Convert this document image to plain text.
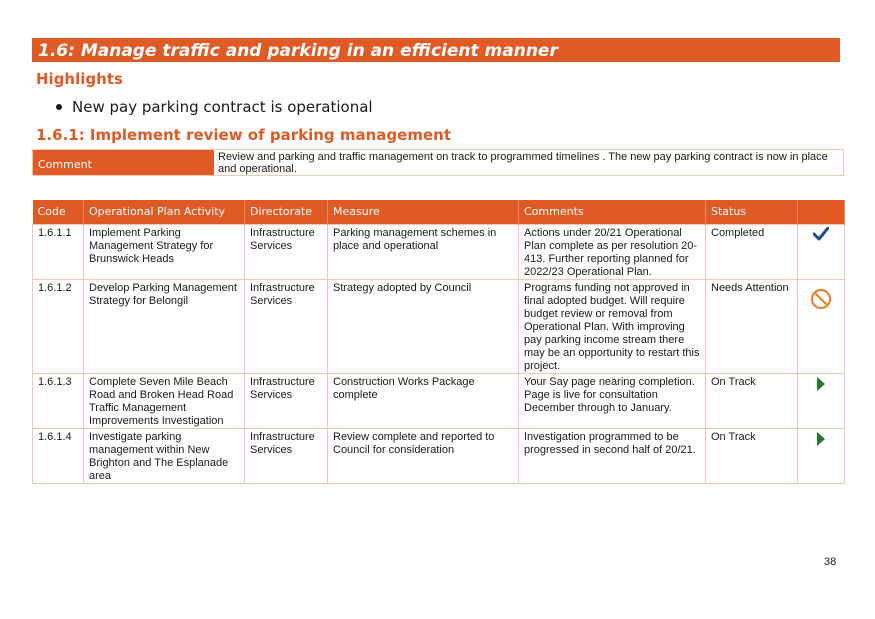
1.6: Manage traffic and parking in an efficient manner
Highlights
New pay parking contract is operational
1.6.1: Implement review of parking management
Comment
Review and parking and traffic management on track to programmed timelines . The new pay parking contract is now in place and operational.
Code	Operational Plan Activity	Directorate	Measure	Comments	Status	
1.6.1.1	Implement Parking Management Strategy for Brunswick Heads	Infrastructure Services	Parking management schemes in place and operational	Actions under 20/21 Operational Plan complete as per resolution 20-413. Further reporting planned for 2022/23 Operational Plan.	Completed	
1.6.1.2	Develop Parking Management Strategy for Belongil	Infrastructure Services	Strategy adopted by Council	Programs funding not approved in final adopted budget. Will require budget review or removal from Operational Plan. With improving pay parking income stream there may be an opportunity to restart this project.	Needs Attention	
1.6.1.3	Complete Seven Mile Beach Road and Broken Head Road Traffic Management Improvements Investigation	Infrastructure Services	Construction Works Package complete	Your Say page nearing completion. Page is live for consultation December through to January.	On Track	
1.6.1.4	Investigate parking management within New Brighton and The Esplanade area	Infrastructure Services	Review complete and reported to Council for consideration	Investigation programmed to be progressed in second half of 20/21.	On Track	
38
